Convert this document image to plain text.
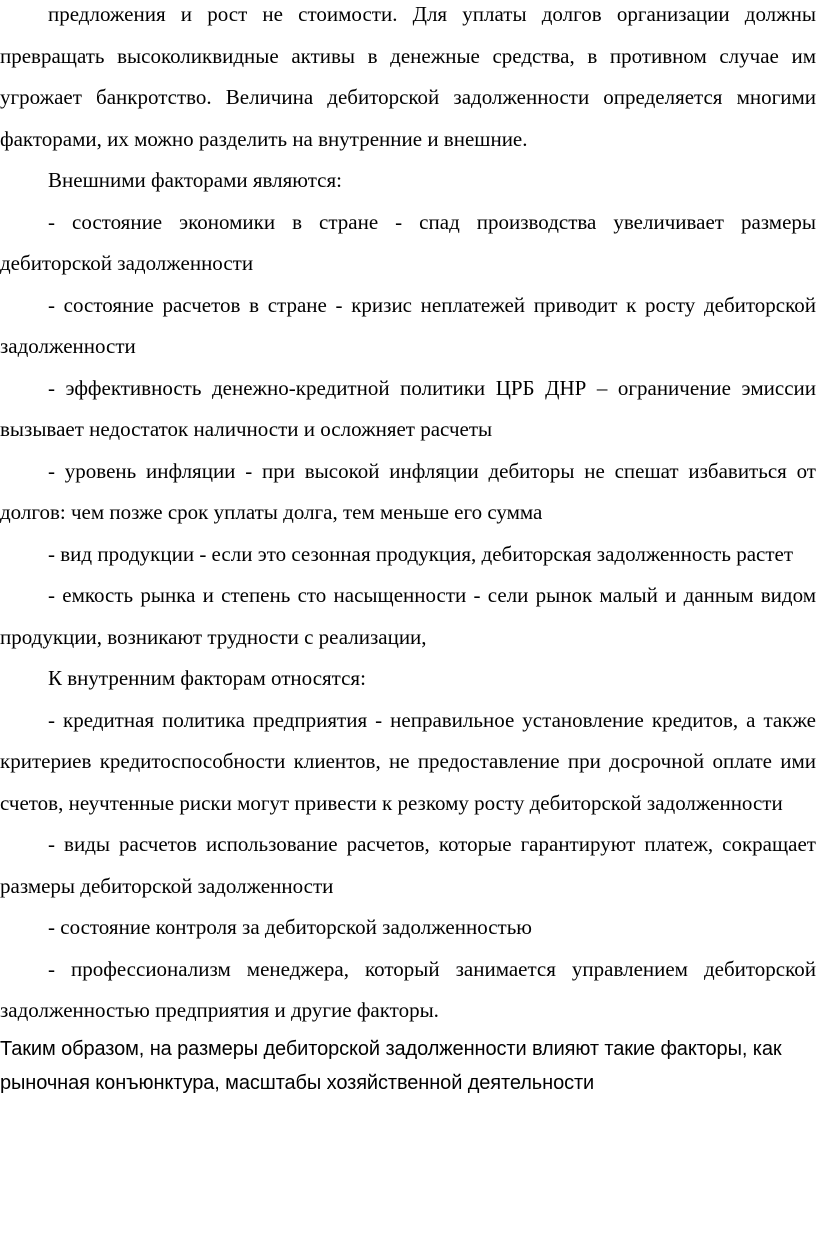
предложения и рост не стоимости. Для уплаты долгов организации должны превращать высоколиквидные активы в денежные средства, в противном случае им угрожает банкротство. Величина дебиторской задолженности определяется многими факторами, их можно разделить на внутренние и внешние.

Внешними факторами являются:

- состояние экономики в стране - спад производства увеличивает размеры дебиторской задолженности

- состояние расчетов в стране - кризис неплатежей приводит к росту дебиторской задолженности

- эффективность денежно-кредитной политики ЦРБ ДНР – ограничение эмиссии вызывает недостаток наличности и осложняет расчеты

- уровень инфляции - при высокой инфляции дебиторы не спешат избавиться от долгов: чем позже срок уплаты долга, тем меньше его сумма

- вид продукции - если это сезонная продукция, дебиторская задолженность растет

- емкость рынка и степень сто насыщенности - сели рынок малый и данным видом продукции, возникают трудности с реализации,

К внутренним факторам относятся:

- кредитная политика предприятия - неправильное установление кредитов, а также критериев кредитоспособности клиентов, не предоставление при досрочной оплате ими счетов, неучтенные риски могут привести к резкому росту дебиторской задолженности

- виды расчетов использование расчетов, которые гарантируют платеж, сокращает размеры дебиторской задолженности

- состояние контроля за дебиторской задолженностью

- профессионализм менеджера, который занимается управлением дебиторской задолженностью предприятия и другие факторы.

Таким образом, на размеры дебиторской задолженности влияют такие факторы, как рыночная конъюнктура, масштабы хозяйственной деятельности
